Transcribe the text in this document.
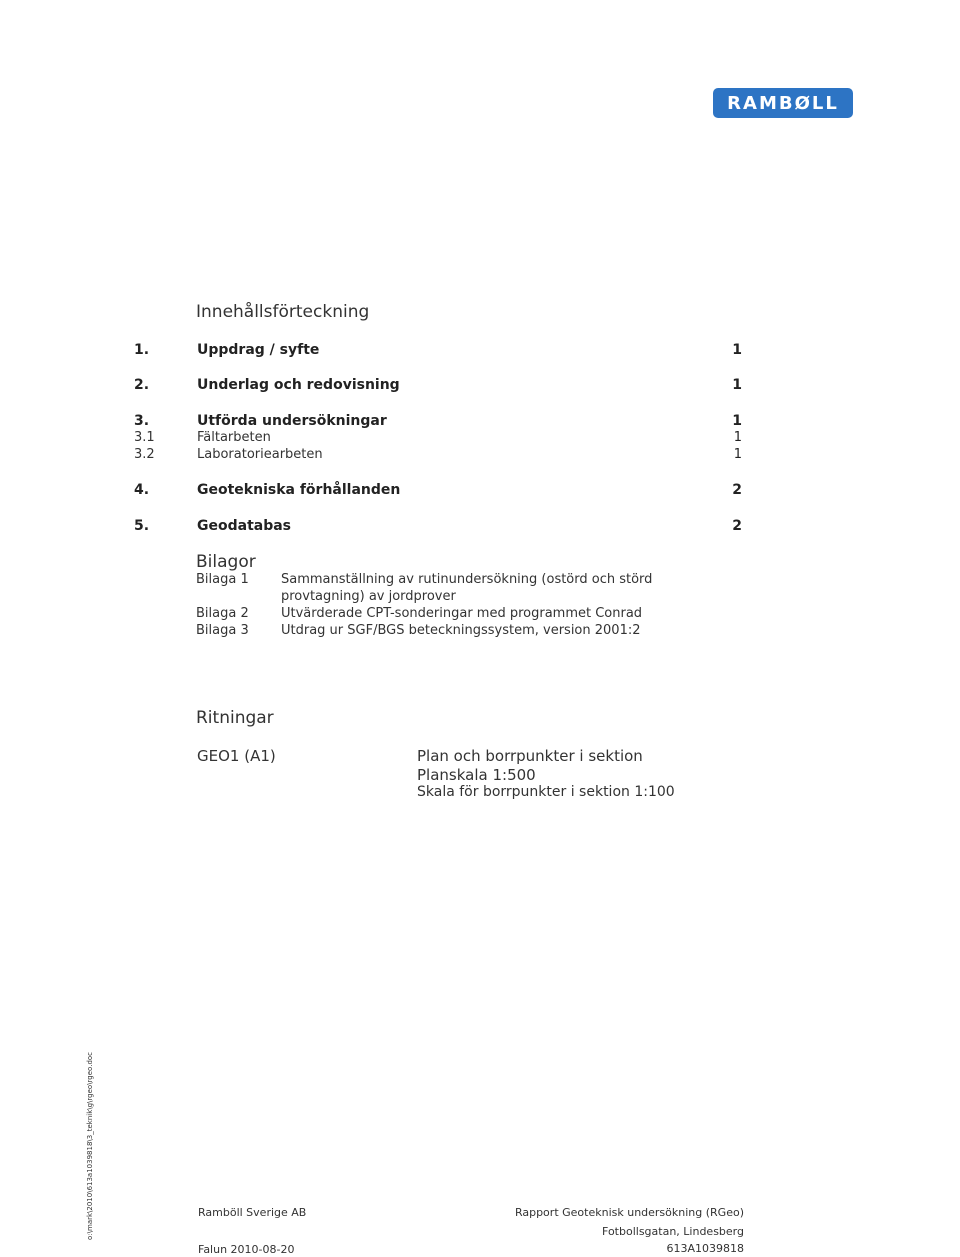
RAMBØLL
Innehållsförteckning
1.	Uppdrag / syfte	1
2.	Underlag och redovisning	1
3.	Utförda undersökningar	1
3.1	Fältarbeten	1
3.2	Laboratoriearbeten	1
4.	Geotekniska förhållanden	2
5.	Geodatabas	2
Bilagor
Bilaga 1 Sammanställning av rutinundersökning (ostörd och störd
provtagning) av jordprover
Bilaga 2 Utvärderade CPT-sonderingar med programmet Conrad
Bilaga 3 Utdrag ur SGF/BGS beteckningssystem, version 2001:2
Ritningar
GEO1 (A1)	Plan och borrpunkter i sektion
Planskala 1:500
Skala för borrpunkter i sektion 1:100
Ramböll Sverige AB
Falun 2010-08-20
Rapport Geoteknisk undersökning (RGeo)
Fotbollsgatan, Lindesberg
613A1039818
o:\mark\2010\613a1039818\3_teknik\g\rgeo\rgeo.doc
